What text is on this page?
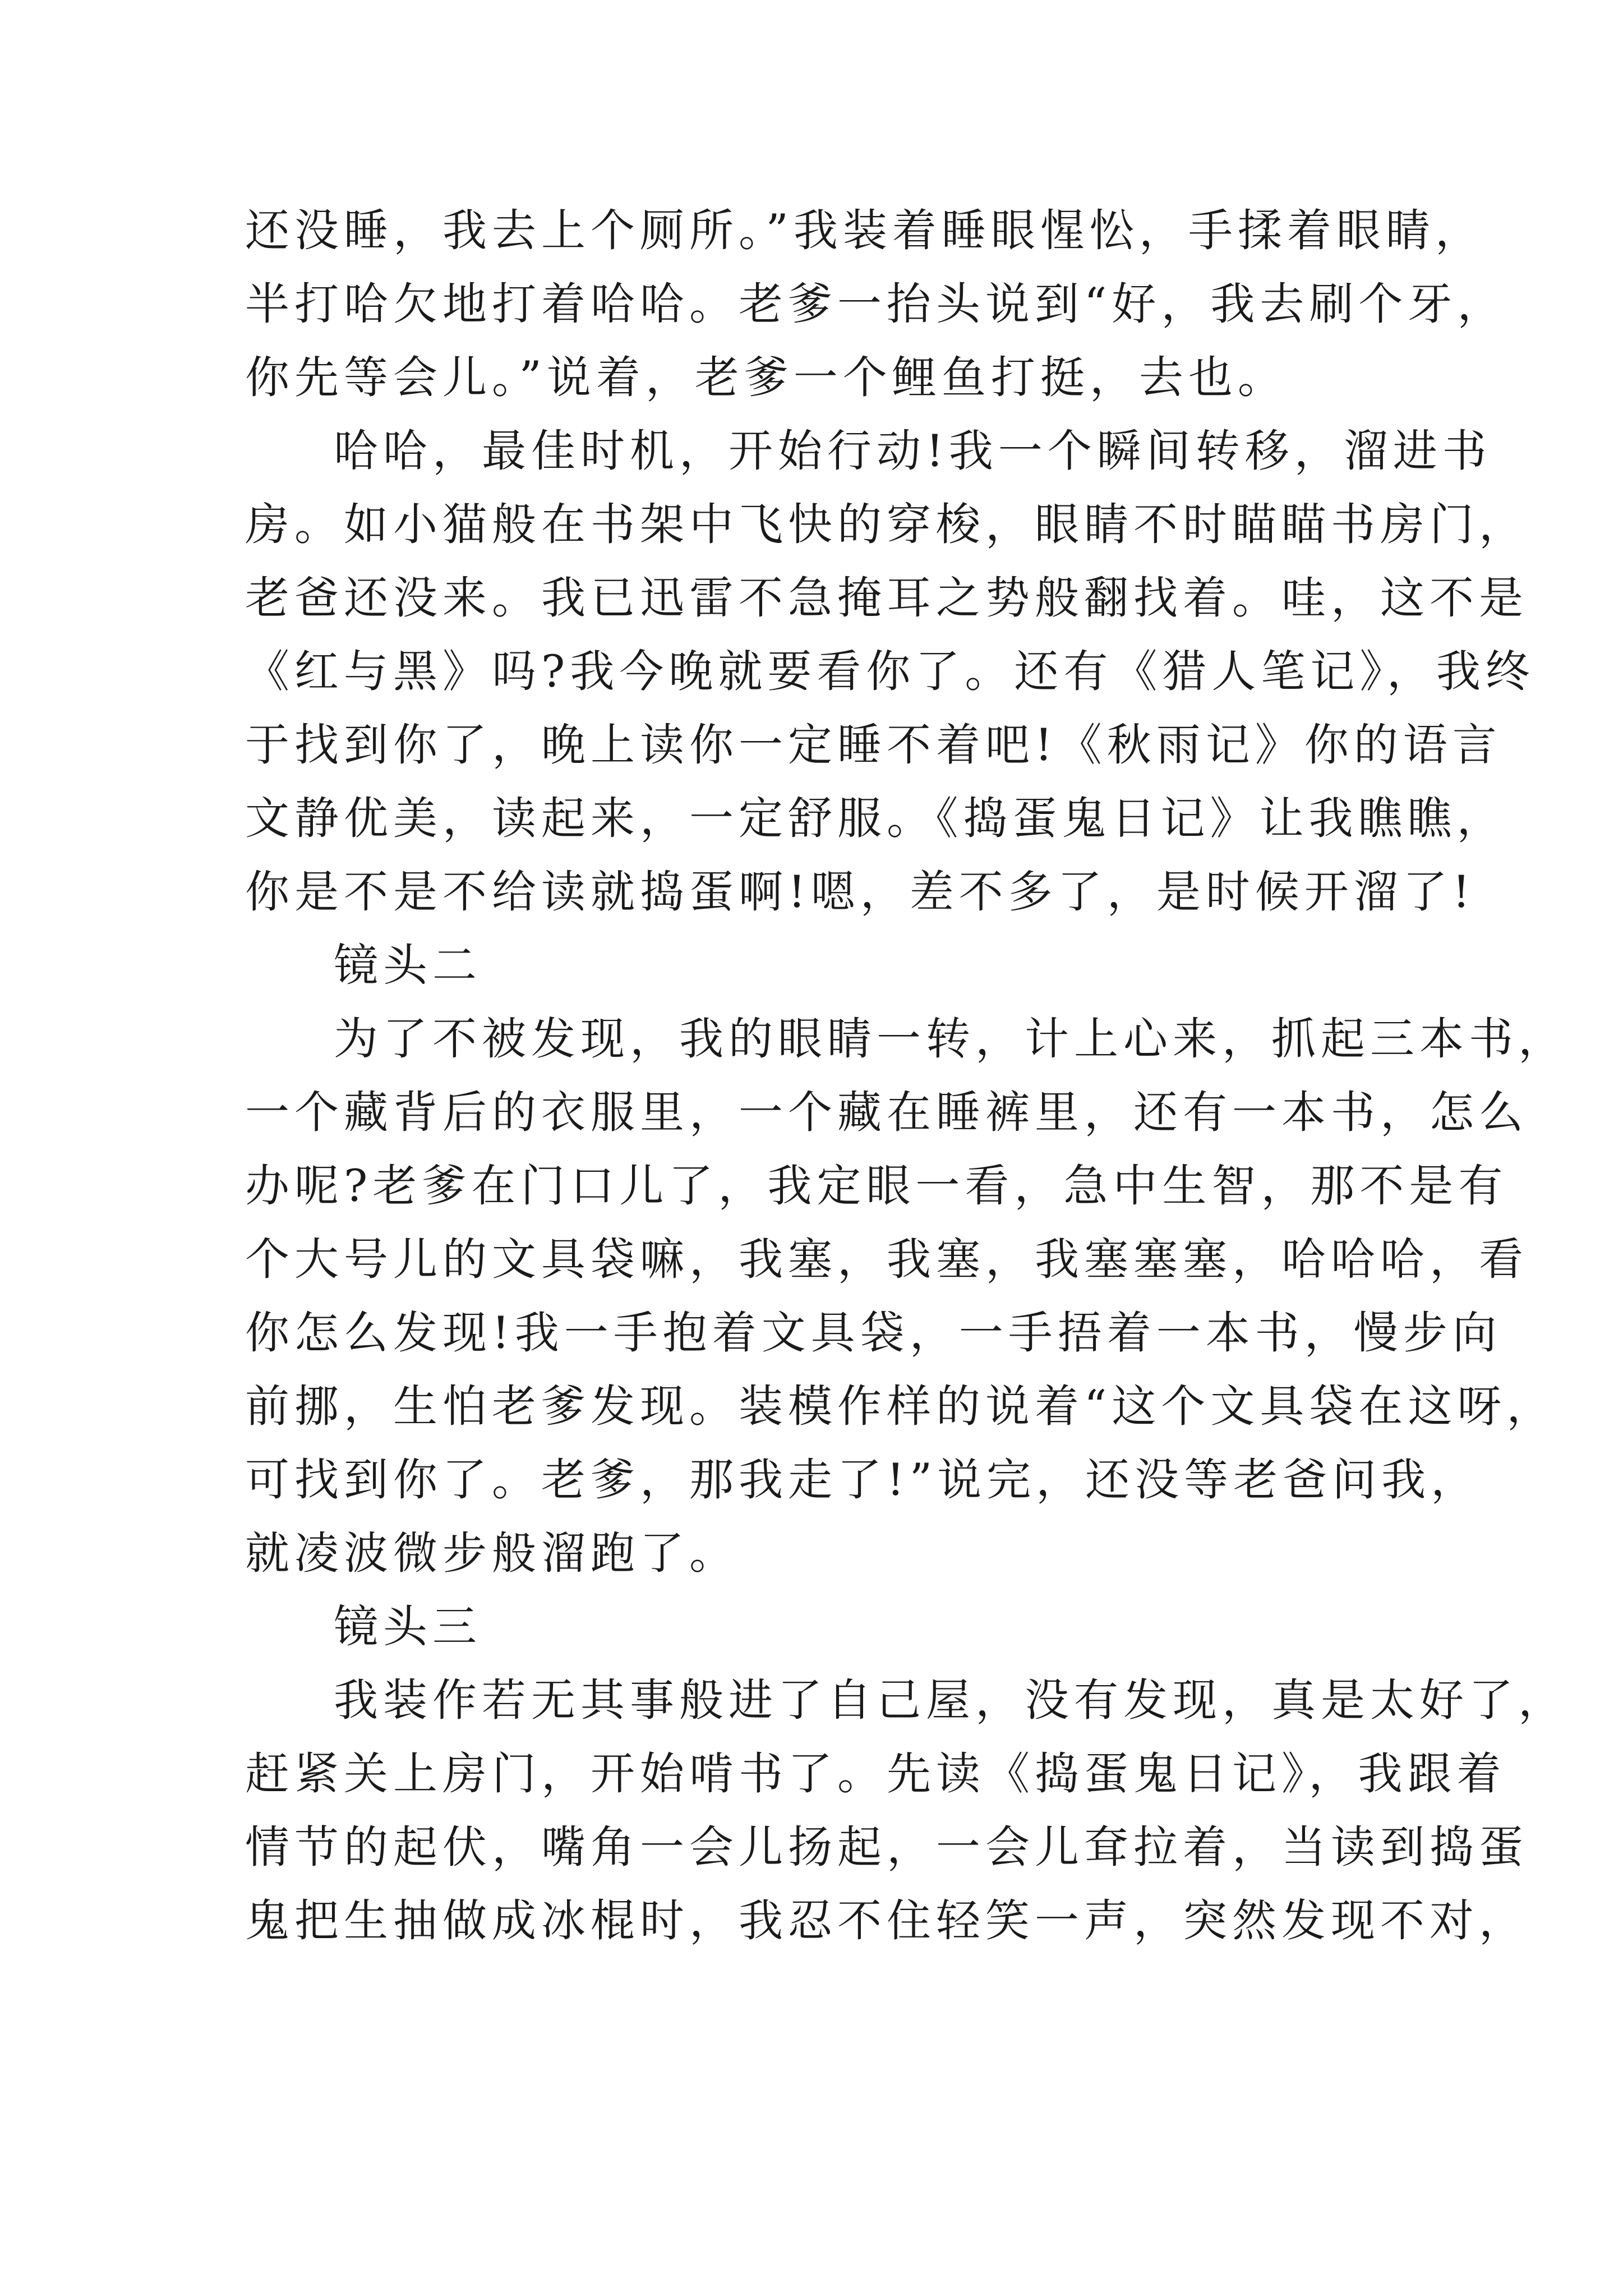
还没睡，我去上个厕所。”我装着睡眼惺忪，手揉着眼睛，
半打哈欠地打着哈哈。老爹一抬头说到“好，我去刷个牙，
你先等会儿。”说着，老爹一个鲤鱼打挺，去也。
哈哈，最佳时机，开始行动!我一个瞬间转移，溜进书
房。如小猫般在书架中飞快的穿梭，眼睛不时瞄瞄书房门，
老爸还没来。我已迅雷不急掩耳之势般翻找着。哇，这不是
《红与黑》吗?我今晚就要看你了。还有《猎人笔记》，我终
于找到你了，晚上读你一定睡不着吧!《秋雨记》你的语言
文静优美，读起来，一定舒服。《捣蛋鬼日记》让我瞧瞧，
你是不是不给读就捣蛋啊!嗯，差不多了，是时候开溜了!
镜头二
为了不被发现，我的眼睛一转，计上心来，抓起三本书，
一个藏背后的衣服里，一个藏在睡裤里，还有一本书，怎么
办呢?老爹在门口儿了，我定眼一看，急中生智，那不是有
个大号儿的文具袋嘛，我塞，我塞，我塞塞塞，哈哈哈，看
你怎么发现!我一手抱着文具袋，一手捂着一本书，慢步向
前挪，生怕老爹发现。装模作样的说着“这个文具袋在这呀，
可找到你了。老爹，那我走了!”说完，还没等老爸问我，
就凌波微步般溜跑了。
镜头三
我装作若无其事般进了自己屋，没有发现，真是太好了，
赶紧关上房门，开始啃书了。先读《捣蛋鬼日记》，我跟着
情节的起伏，嘴角一会儿扬起，一会儿耷拉着，当读到捣蛋
鬼把生抽做成冰棍时，我忍不住轻笑一声，突然发现不对，
